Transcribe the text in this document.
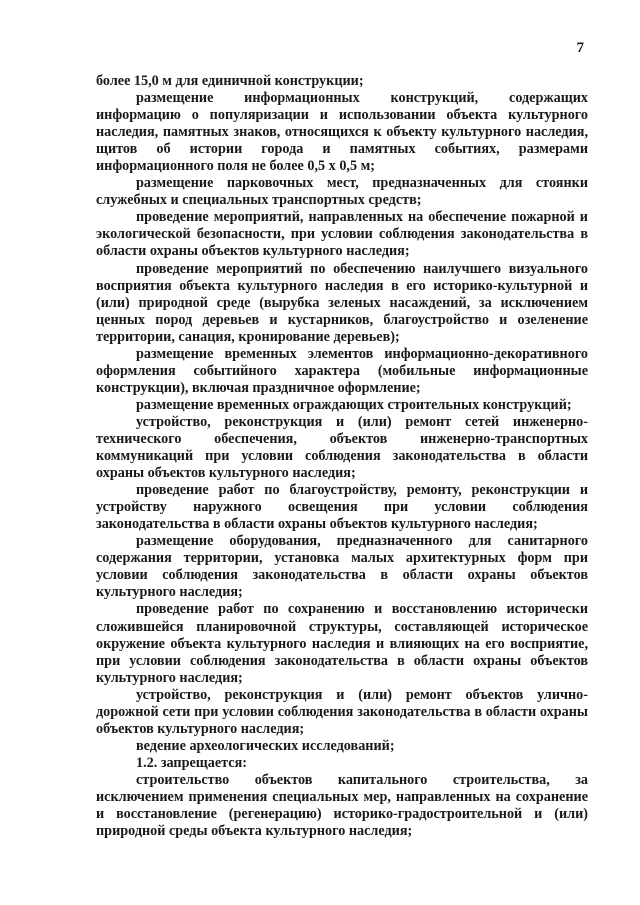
7

более 15,0 м для единичной конструкции;

размещение информационных конструкций, содержащих информацию о популяризации и использовании объекта культурного наследия, памятных знаков, относящихся к объекту культурного наследия, щитов об истории города и памятных событиях, размерами информационного поля не более 0,5 х 0,5 м;

размещение парковочных мест, предназначенных для стоянки служебных и специальных транспортных средств;

проведение мероприятий, направленных на обеспечение пожарной и экологической безопасности, при условии соблюдения законодательства в области охраны объектов культурного наследия;

проведение мероприятий по обеспечению наилучшего визуального восприятия объекта культурного наследия в его историко-культурной и (или) природной среде (вырубка зеленых насаждений, за исключением ценных пород деревьев и кустарников, благоустройство и озеленение территории, санация, кронирование деревьев);

размещение временных элементов информационно-декоративного оформления событийного характера (мобильные информационные конструкции), включая праздничное оформление;

размещение временных ограждающих строительных конструкций;

устройство, реконструкция и (или) ремонт сетей инженерно-технического обеспечения, объектов инженерно-транспортных коммуникаций при условии соблюдения законодательства в области охраны объектов культурного наследия;

проведение работ по благоустройству, ремонту, реконструкции и устройству наружного освещения при условии соблюдения законодательства в области охраны объектов культурного наследия;

размещение оборудования, предназначенного для санитарного содержания территории, установка малых архитектурных форм при условии соблюдения законодательства в области охраны объектов культурного наследия;

проведение работ по сохранению и восстановлению исторически сложившейся планировочной структуры, составляющей историческое окружение объекта культурного наследия и влияющих на его восприятие, при условии соблюдения законодательства в области охраны объектов культурного наследия;

устройство, реконструкция и (или) ремонт объектов улично-дорожной сети при условии соблюдения законодательства в области охраны объектов культурного наследия;

ведение археологических исследований;

1.2. запрещается:

строительство объектов капитального строительства, за исключением применения специальных мер, направленных на сохранение и восстановление (регенерацию) историко-градостроительной и (или) природной среды объекта культурного наследия;
